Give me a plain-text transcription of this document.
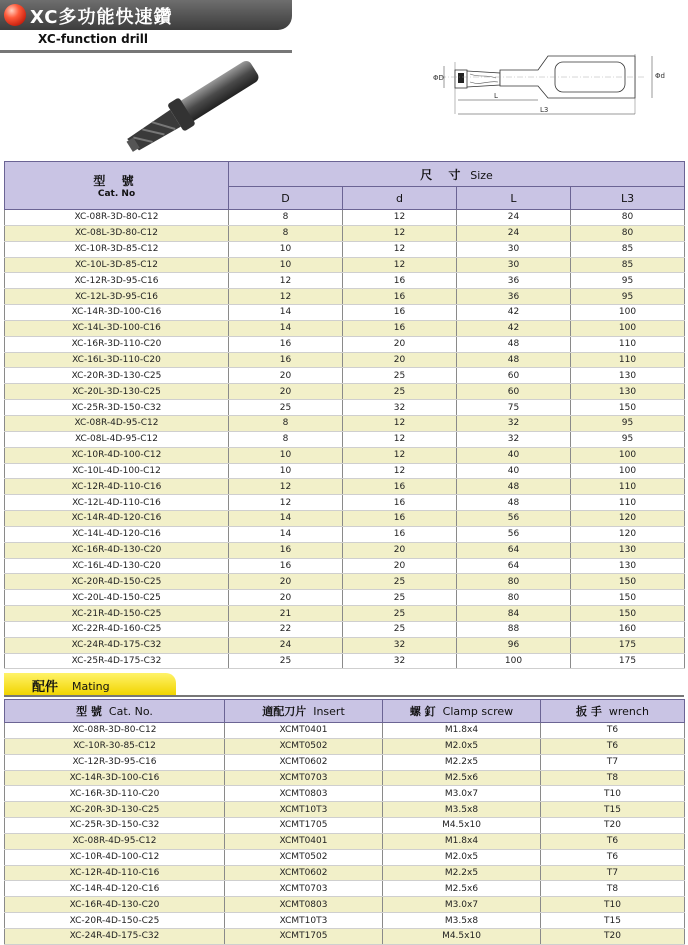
XC多功能快速鑽
XC-function drill
ΦD	Φd
L
L3
型 號
Cat. No	尺 寸 Size			
	D	d	L	L3
XC-08R-3D-80-C12	8	12	24	80
XC-08L-3D-80-C12	8	12	24	80
XC-10R-3D-85-C12	10	12	30	85
XC-10L-3D-85-C12	10	12	30	85
XC-12R-3D-95-C16	12	16	36	95
XC-12L-3D-95-C16	12	16	36	95
XC-14R-3D-100-C16	14	16	42	100
XC-14L-3D-100-C16	14	16	42	100
XC-16R-3D-110-C20	16	20	48	110
XC-16L-3D-110-C20	16	20	48	110
XC-20R-3D-130-C25	20	25	60	130
XC-20L-3D-130-C25	20	25	60	130
XC-25R-3D-150-C32	25	32	75	150
XC-08R-4D-95-C12	8	12	32	95
XC-08L-4D-95-C12	8	12	32	95
XC-10R-4D-100-C12	10	12	40	100
XC-10L-4D-100-C12	10	12	40	100
XC-12R-4D-110-C16	12	16	48	110
XC-12L-4D-110-C16	12	16	48	110
XC-14R-4D-120-C16	14	16	56	120
XC-14L-4D-120-C16	14	16	56	120
XC-16R-4D-130-C20	16	20	64	130
XC-16L-4D-130-C20	16	20	64	130
XC-20R-4D-150-C25	20	25	80	150
XC-20L-4D-150-C25	20	25	80	150
XC-21R-4D-150-C25	21	25	84	150
XC-22R-4D-160-C25	22	25	88	160
XC-24R-4D-175-C32	24	32	96	175
XC-25R-4D-175-C32	25	32	100	175
配件 Mating
型 號 Cat. No.	適配刀片 Insert	螺 釘 Clamp screw	扳 手 wrench
XC-08R-3D-80-C12	XCMT0401	M1.8x4	T6
XC-10R-30-85-C12	XCMT0502	M2.0x5	T6
XC-12R-3D-95-C16	XCMT0602	M2.2x5	T7
XC-14R-3D-100-C16	XCMT0703	M2.5x6	T8
XC-16R-3D-110-C20	XCMT0803	M3.0x7	T10
XC-20R-3D-130-C25	XCMT10T3	M3.5x8	T15
XC-25R-3D-150-C32	XCMT1705	M4.5x10	T20
XC-08R-4D-95-C12	XCMT0401	M1.8x4	T6
XC-10R-4D-100-C12	XCMT0502	M2.0x5	T6
XC-12R-4D-110-C16	XCMT0602	M2.2x5	T7
XC-14R-4D-120-C16	XCMT0703	M2.5x6	T8
XC-16R-4D-130-C20	XCMT0803	M3.0x7	T10
XC-20R-4D-150-C25	XCMT10T3	M3.5x8	T15
XC-24R-4D-175-C32	XCMT1705	M4.5x10	T20
